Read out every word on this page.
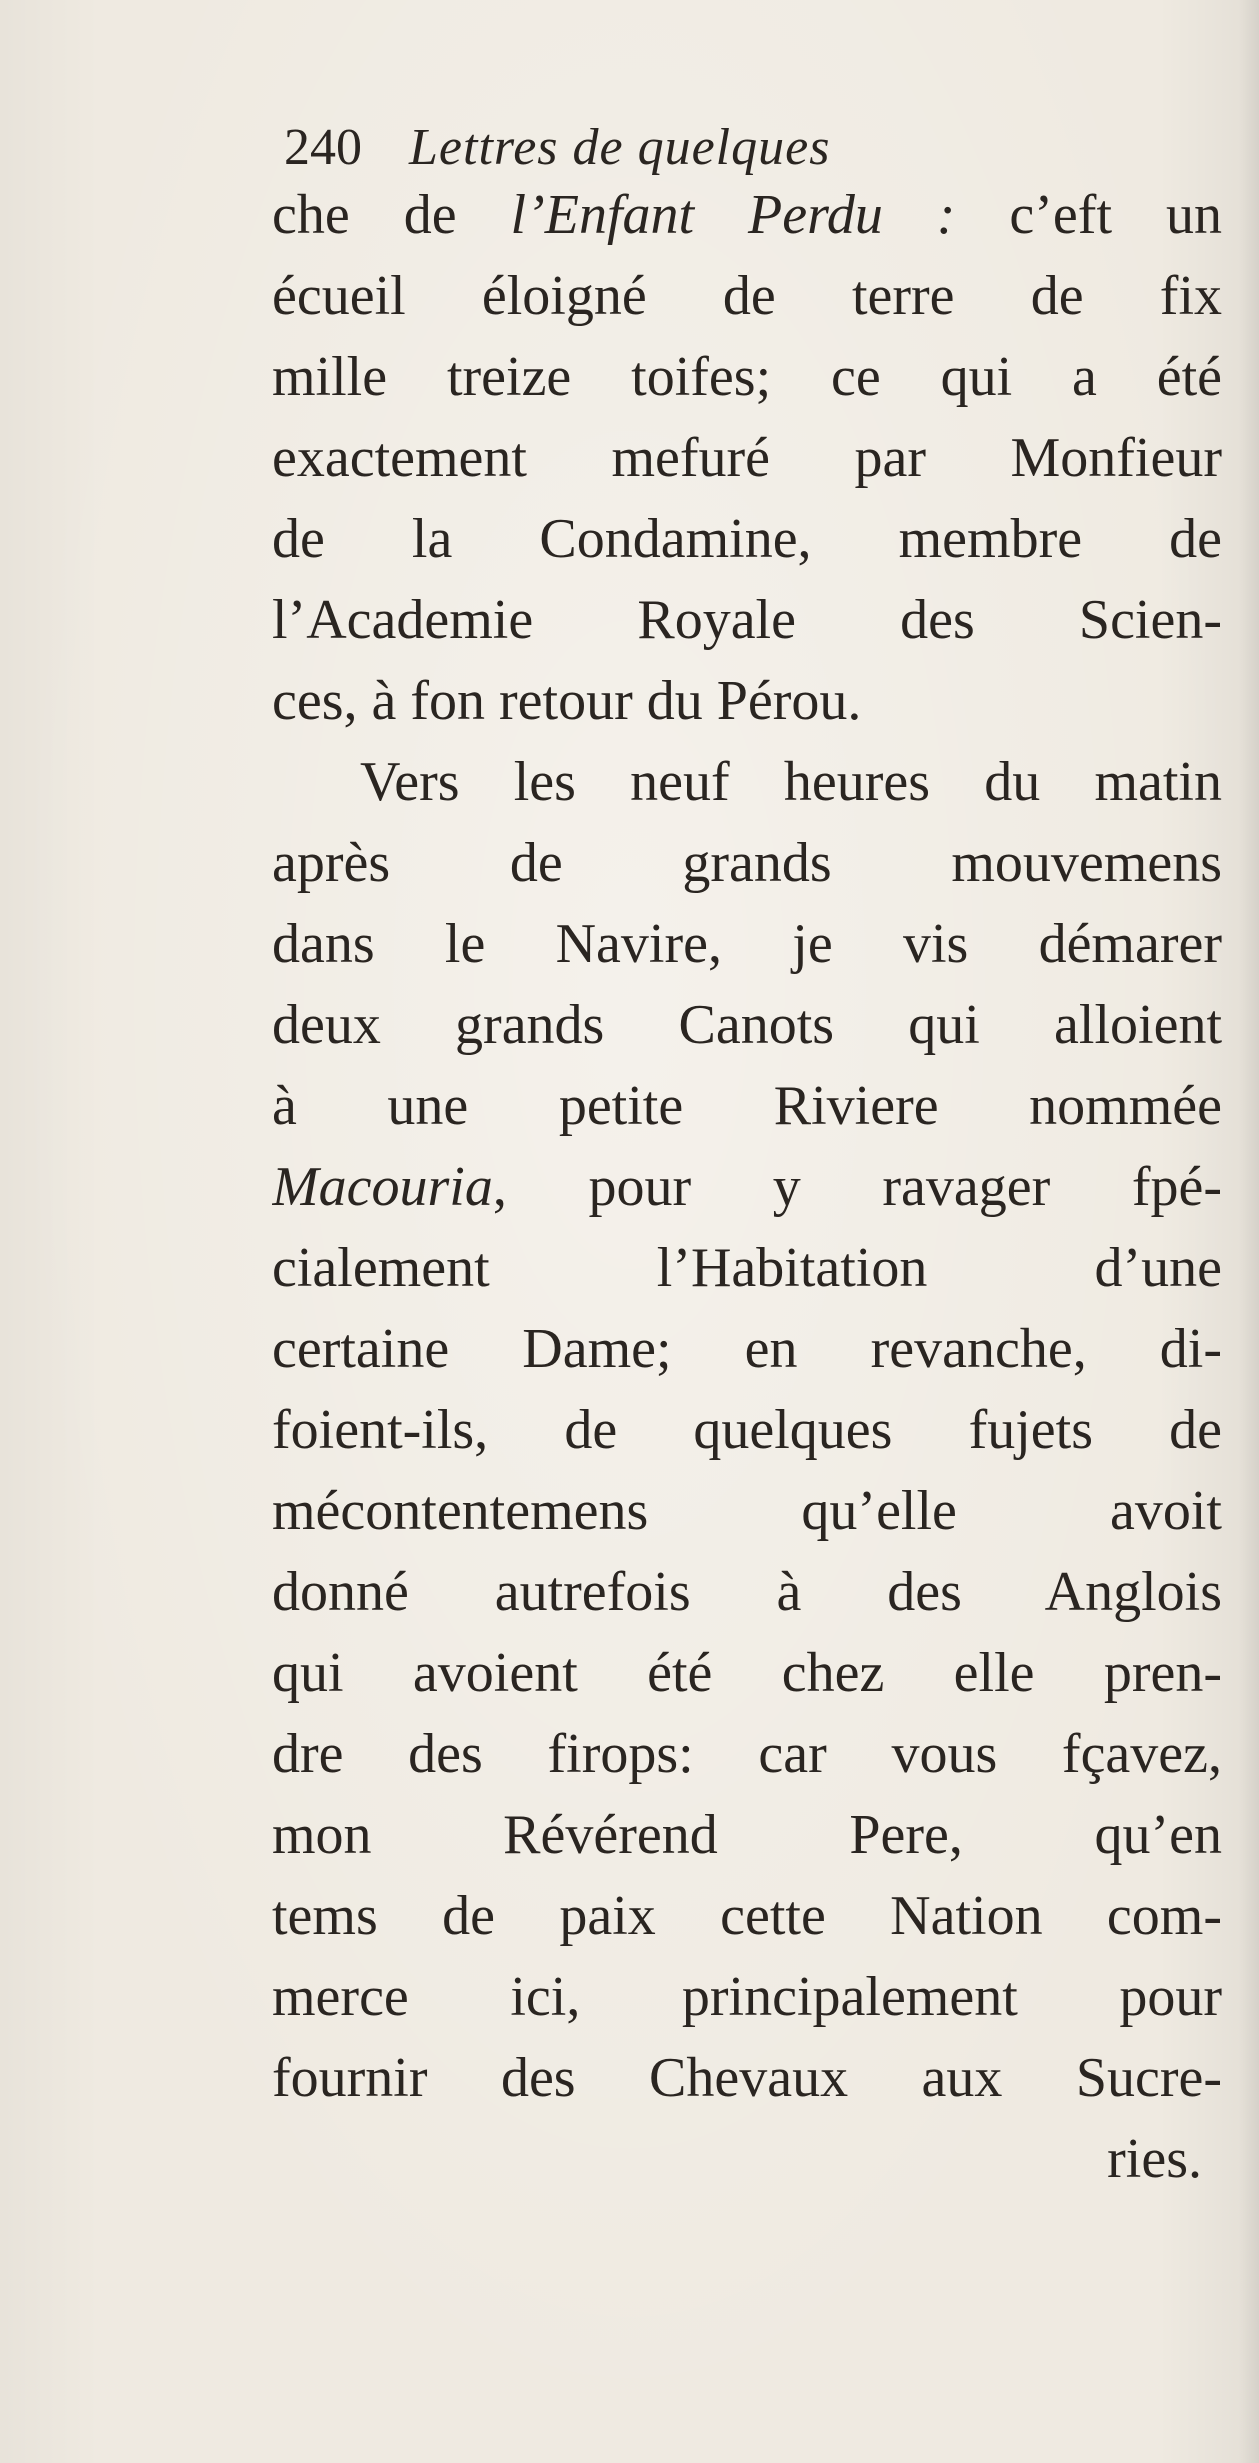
240 Lettres de quelques
che de l’Enfant Perdu : c’eft un
écueil éloigné de terre de fix
mille treize toifes; ce qui a été
exactement mefuré par Monfieur
de la Condamine, membre de
l’Academie Royale des Scien-
ces, à fon retour du Pérou.
Vers les neuf heures du matin
après de grands mouvemens
dans le Navire, je vis démarer
deux grands Canots qui alloient
à une petite Riviere nommée
Macouria, pour y ravager fpé-
cialement l’Habitation d’une
certaine Dame; en revanche, di-
foient-ils, de quelques fujets de
mécontentemens qu’elle avoit
donné autrefois à des Anglois
qui avoient été chez elle pren-
dre des firops: car vous fçavez,
mon Révérend Pere, qu’en
tems de paix cette Nation com-
merce ici, principalement pour
fournir des Chevaux aux Sucre-
ries.
